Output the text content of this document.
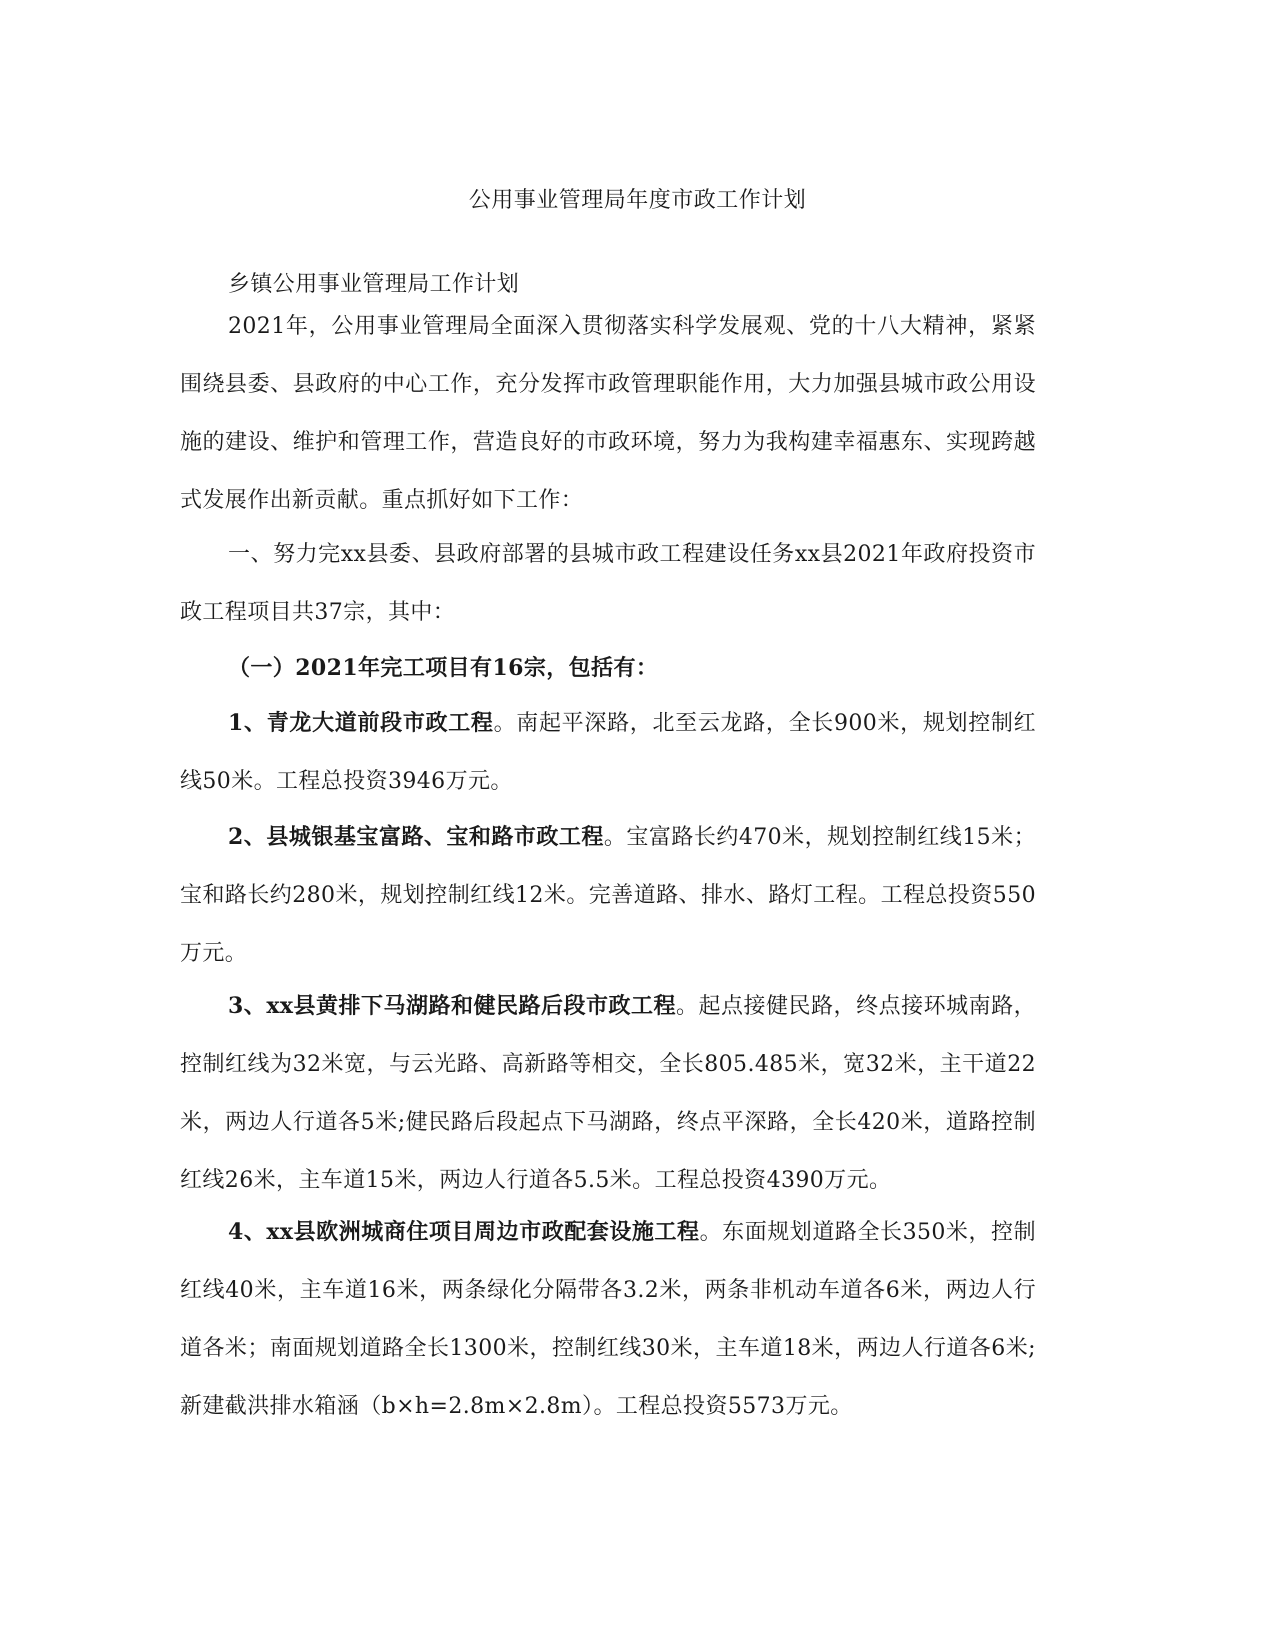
公用事业管理局年度市政工作计划

乡镇公用事业管理局工作计划

2021年，公用事业管理局全面深入贯彻落实科学发展观、党的十八大精神，紧紧围绕县委、县政府的中心工作，充分发挥市政管理职能作用，大力加强县城市政公用设施的建设、维护和管理工作，营造良好的市政环境，努力为我构建幸福惠东、实现跨越式发展作出新贡献。重点抓好如下工作：

一、努力完xx县委、县政府部署的县城市政工程建设任务xx县2021年政府投资市政工程项目共37宗，其中：

（一）2021年完工项目有16宗，包括有：

1、青龙大道前段市政工程。南起平深路，北至云龙路，全长900米，规划控制红线50米。工程总投资3946万元。

2、县城银基宝富路、宝和路市政工程。宝富路长约470米，规划控制红线15米；宝和路长约280米，规划控制红线12米。完善道路、排水、路灯工程。工程总投资550万元。

3、xx县黄排下马湖路和健民路后段市政工程。起点接健民路，终点接环城南路，控制红线为32米宽，与云光路、高新路等相交，全长805.485米，宽32米，主干道22米，两边人行道各5米;健民路后段起点下马湖路，终点平深路，全长420米，道路控制红线26米，主车道15米，两边人行道各5.5米。工程总投资4390万元。

4、xx县欧洲城商住项目周边市政配套设施工程。东面规划道路全长350米，控制红线40米，主车道16米，两条绿化分隔带各3.2米，两条非机动车道各6米，两边人行道各米；南面规划道路全长1300米，控制红线30米，主车道18米，两边人行道各6米;新建截洪排水箱涵（b×h=2.8m×2.8m）。工程总投资5573万元。
